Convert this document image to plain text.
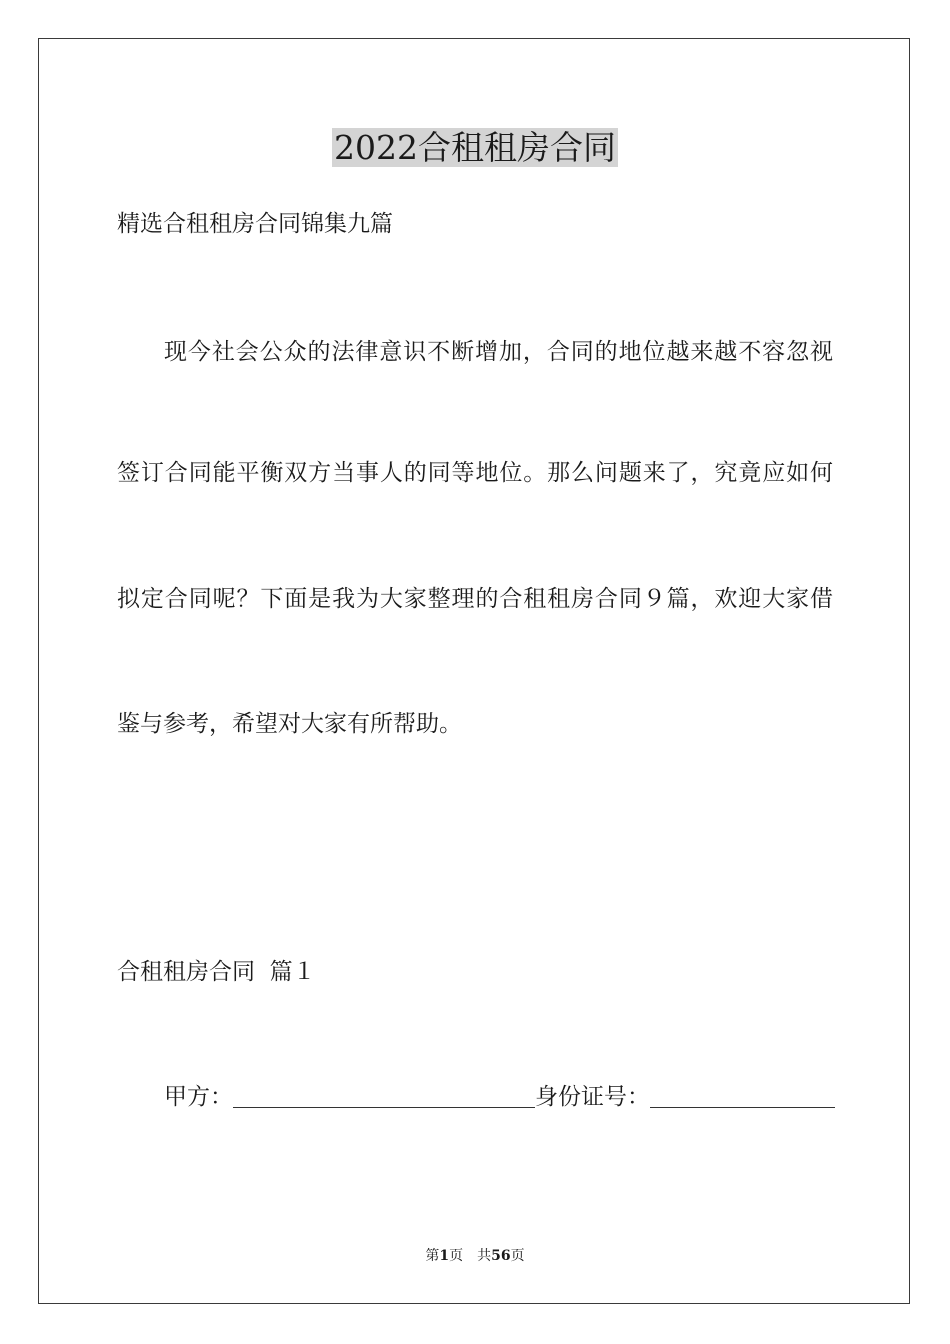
2022合租租房合同
精选合租租房合同锦集九篇
现今社会公众的法律意识不断增加，合同的地位越来越不容忽视
签订合同能平衡双方当事人的同等地位。那么问题来了，究竟应如何
拟定合同呢？下面是我为大家整理的合租租房合同９篇，欢迎大家借
鉴与参考，希望对大家有所帮助。
合租租房合同  篇１
甲方：	身份证号：
第1页 共56页
